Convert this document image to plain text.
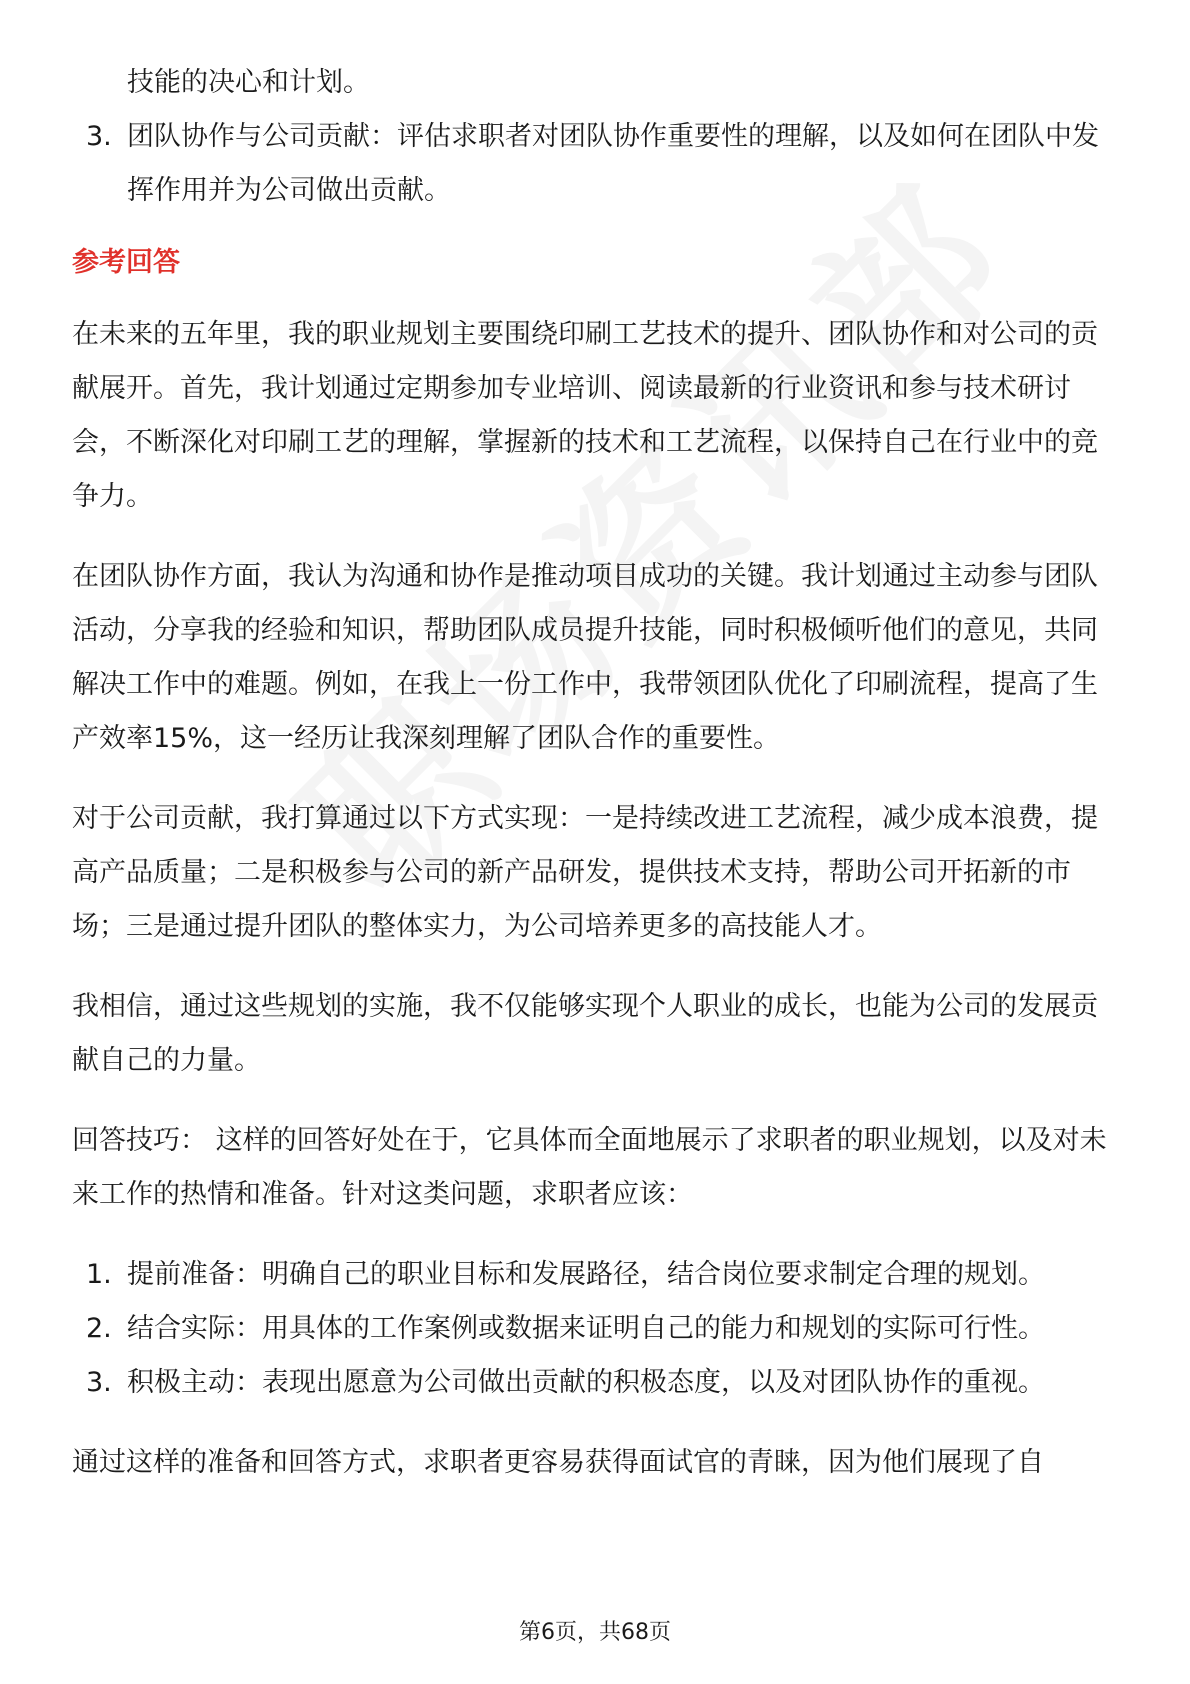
技能的决心和计划。
3. 团队协作与公司贡献：评估求职者对团队协作重要性的理解，以及如何在团队中发挥作用并为公司做出贡献。
参考回答

在未来的五年里，我的职业规划主要围绕印刷工艺技术的提升、团队协作和对公司的贡献展开。首先，我计划通过定期参加专业培训、阅读最新的行业资讯和参与技术研讨会，不断深化对印刷工艺的理解，掌握新的技术和工艺流程，以保持自己在行业中的竞争力。

在团队协作方面，我认为沟通和协作是推动项目成功的关键。我计划通过主动参与团队活动，分享我的经验和知识，帮助团队成员提升技能，同时积极倾听他们的意见，共同解决工作中的难题。例如，在我上一份工作中，我带领团队优化了印刷流程，提高了生产效率15%，这一经历让我深刻理解了团队合作的重要性。

对于公司贡献，我打算通过以下方式实现：一是持续改进工艺流程，减少成本浪费，提高产品质量；二是积极参与公司的新产品研发，提供技术支持，帮助公司开拓新的市场；三是通过提升团队的整体实力，为公司培养更多的高技能人才。

我相信，通过这些规划的实施，我不仅能够实现个人职业的成长，也能为公司的发展贡献自己的力量。

回答技巧： 这样的回答好处在于，它具体而全面地展示了求职者的职业规划，以及对未来工作的热情和准备。针对这类问题，求职者应该：

1. 提前准备：明确自己的职业目标和发展路径，结合岗位要求制定合理的规划。
2. 结合实际：用具体的工作案例或数据来证明自己的能力和规划的实际可行性。
3. 积极主动：表现出愿意为公司做出贡献的积极态度，以及对团队协作的重视。

通过这样的准备和回答方式，求职者更容易获得面试官的青睐，因为他们展现了自

第6页，共68页
